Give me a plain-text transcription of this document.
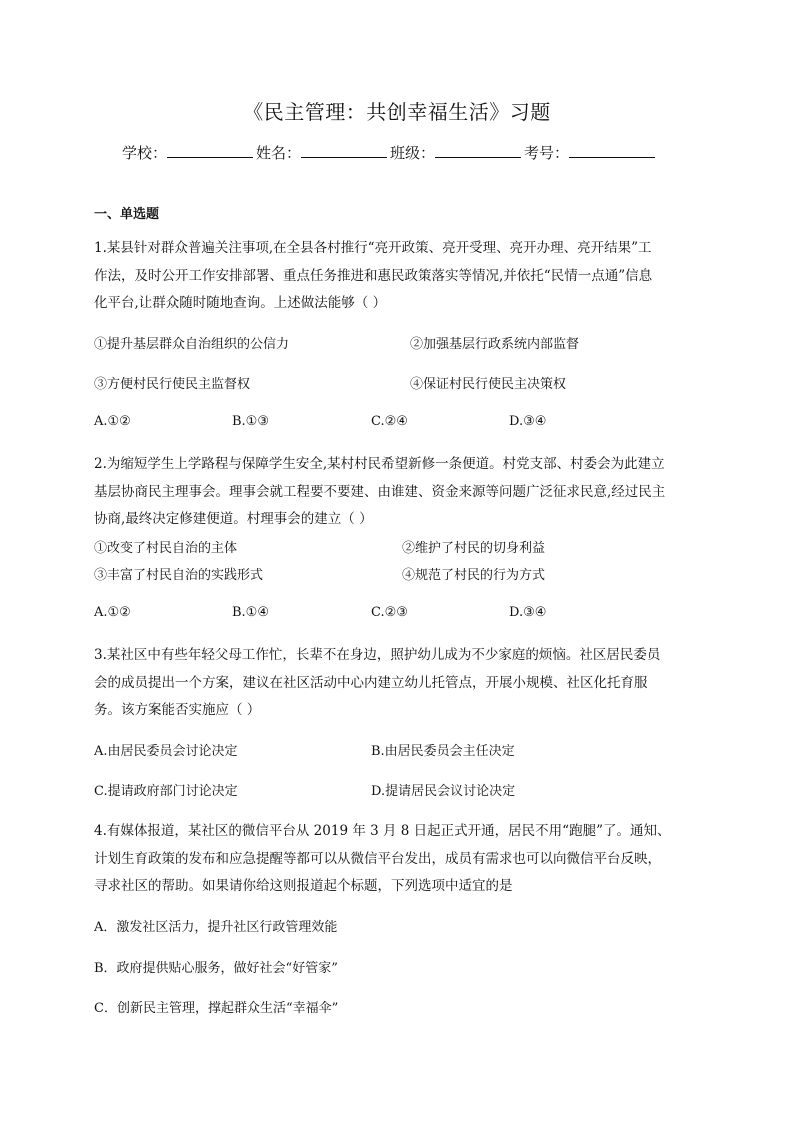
《民主管理：共创幸福生活》习题
学校：	姓名：	班级：	考号：
一、单选题
1.某县针对群众普遍关注事项,在全县各村推行“亮开政策、亮开受理、亮开办理、亮开结果”工
作法，及时公开工作安排部署、重点任务推进和惠民政策落实等情况,并依托“民情一点通”信息
化平台,让群众随时随地查询。上述做法能够（ ）
①提升基层群众自治组织的公信力	②加强基层行政系统内部监督
③方便村民行使民主监督权	④保证村民行使民主决策权
A.①②	B.①③	C.②④	D.③④
2.为缩短学生上学路程与保障学生安全,某村村民希望新修一条便道。村党支部、村委会为此建立
基层协商民主理事会。理事会就工程要不要建、由谁建、资金来源等问题广泛征求民意,经过民主
协商,最终决定修建便道。村理事会的建立（ ）
①改变了村民自治的主体	②维护了村民的切身利益
③丰富了村民自治的实践形式	④规范了村民的行为方式
A.①②	B.①④	C.②③	D.③④
3.某社区中有些年轻父母工作忙，长辈不在身边，照护幼儿成为不少家庭的烦恼。社区居民委员
会的成员提出一个方案，建议在社区活动中心内建立幼儿托管点，开展小规模、社区化托育服
务。该方案能否实施应（ ）
A.由居民委员会讨论决定	B.由居民委员会主任决定
C.提请政府部门讨论决定	D.提请居民会议讨论决定
4.有媒体报道，某社区的微信平台从 2019 年 3 月 8 日起正式开通，居民不用“跑腿”了。通知、
计划生育政策的发布和应急提醒等都可以从微信平台发出，成员有需求也可以向微信平台反映，
寻求社区的帮助。如果请你给这则报道起个标题，下列选项中适宜的是
A．激发社区活力，提升社区行政管理效能
B．政府提供贴心服务，做好社会“好管家”
C．创新民主管理，撑起群众生活“幸福伞”
